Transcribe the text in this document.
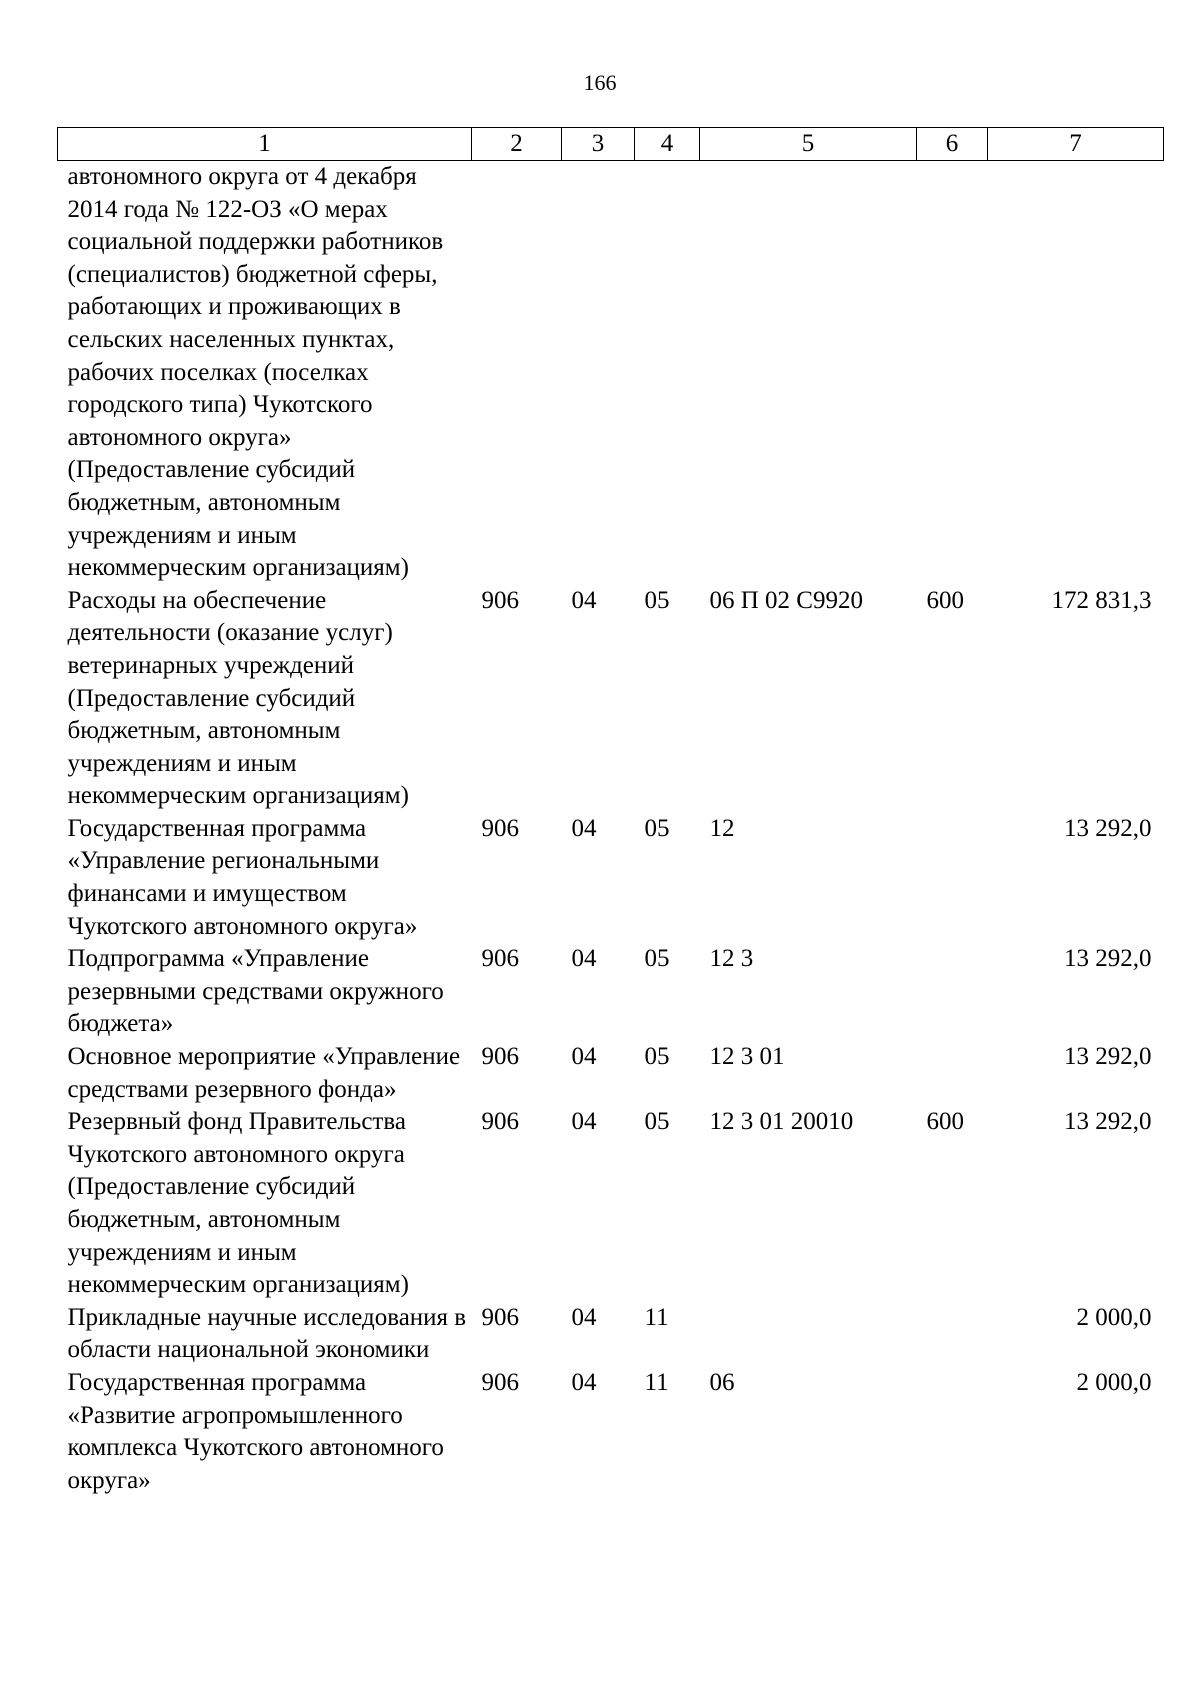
166
1	2	3	4	5	6	7
автономного округа от 4 декабря 2014 года № 122-ОЗ «О мерах социальной поддержки работников (специалистов) бюджетной сферы, работающих и проживающих в сельских населенных пунктах, рабочих поселках (поселках городского типа) Чукотского автономного округа» (Предоставление субсидий бюджетным, автономным учреждениям и иным некоммерческим организациям)						
Расходы на обеспечение деятельности (оказание услуг) ветеринарных учреждений (Предоставление субсидий бюджетным, автономным учреждениям и иным некоммерческим организациям)	906	04	05	06 П 02 С9920	600	172 831,3
Государственная программа «Управление региональными финансами и имуществом Чукотского автономного округа»	906	04	05	12		13 292,0
Подпрограмма «Управление резервными средствами окружного бюджета»	906	04	05	12 3		13 292,0
Основное мероприятие «Управление средствами резервного фонда»	906	04	05	12 3 01		13 292,0
Резервный фонд Правительства Чукотского автономного округа (Предоставление субсидий бюджетным, автономным учреждениям и иным некоммерческим организациям)	906	04	05	12 3 01 20010	600	13 292,0
Прикладные научные исследования в области национальной экономики	906	04	11			2 000,0
Государственная программа «Развитие агропромышленного комплекса Чукотского автономного округа»	906	04	11	06		2 000,0
